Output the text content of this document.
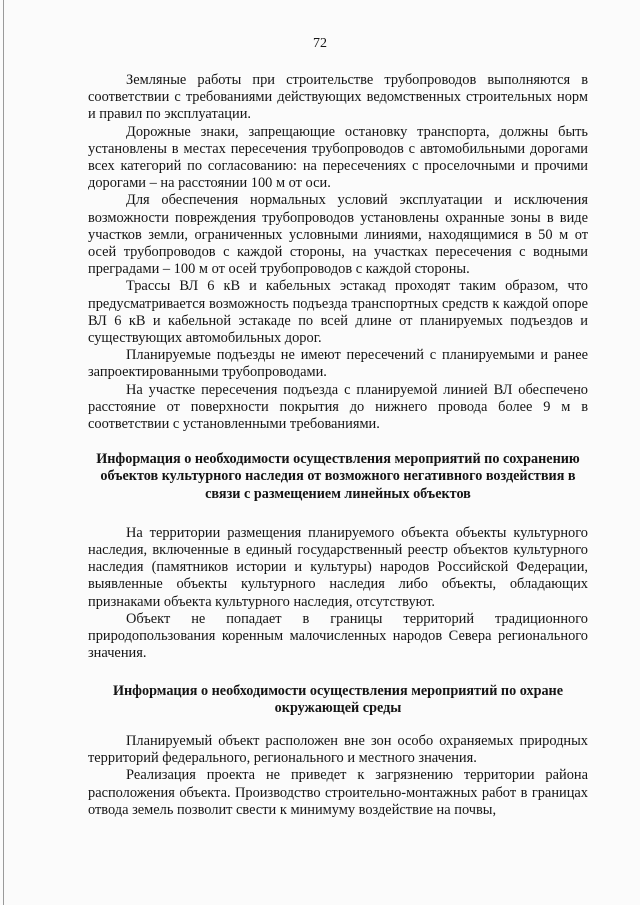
72

Земляные работы при строительстве трубопроводов выполняются в соответствии с требованиями действующих ведомственных строительных норм и правил по эксплуатации.

Дорожные знаки, запрещающие остановку транспорта, должны быть установлены в местах пересечения трубопроводов с автомобильными дорогами всех категорий по согласованию: на пересечениях с проселочными и прочими дорогами – на расстоянии 100 м от оси.

Для обеспечения нормальных условий эксплуатации и исключения возможности повреждения трубопроводов установлены охранные зоны в виде участков земли, ограниченных условными линиями, находящимися в 50 м от осей трубопроводов с каждой стороны, на участках пересечения с водными преградами – 100 м от осей трубопроводов с каждой стороны.

Трассы ВЛ 6 кВ и кабельных эстакад проходят таким образом, что предусматривается возможность подъезда транспортных средств к каждой опоре ВЛ 6 кВ и кабельной эстакаде по всей длине от планируемых подъездов и существующих автомобильных дорог.

Планируемые подъезды не имеют пересечений с планируемыми и ранее запроектированными трубопроводами.

На участке пересечения подъезда с планируемой линией ВЛ обеспечено расстояние от поверхности покрытия до нижнего провода более 9 м в соответствии с установленными требованиями.

Информация о необходимости осуществления мероприятий по сохранению объектов культурного наследия от возможного негативного воздействия в связи с размещением линейных объектов

На территории размещения планируемого объекта объекты культурного наследия, включенные в единый государственный реестр объектов культурного наследия (памятников истории и культуры) народов Российской Федерации, выявленные объекты культурного наследия либо объекты, обладающих признаками объекта культурного наследия, отсутствуют.

Объект не попадает в границы территорий традиционного природопользования коренным малочисленных народов Севера регионального значения.

Информация о необходимости осуществления мероприятий по охране окружающей среды

Планируемый объект расположен вне зон особо охраняемых природных территорий федерального, регионального и местного значения.

Реализация проекта не приведет к загрязнению территории района расположения объекта. Производство строительно-монтажных работ в границах отвода земель позволит свести к минимуму воздействие на почвы,
